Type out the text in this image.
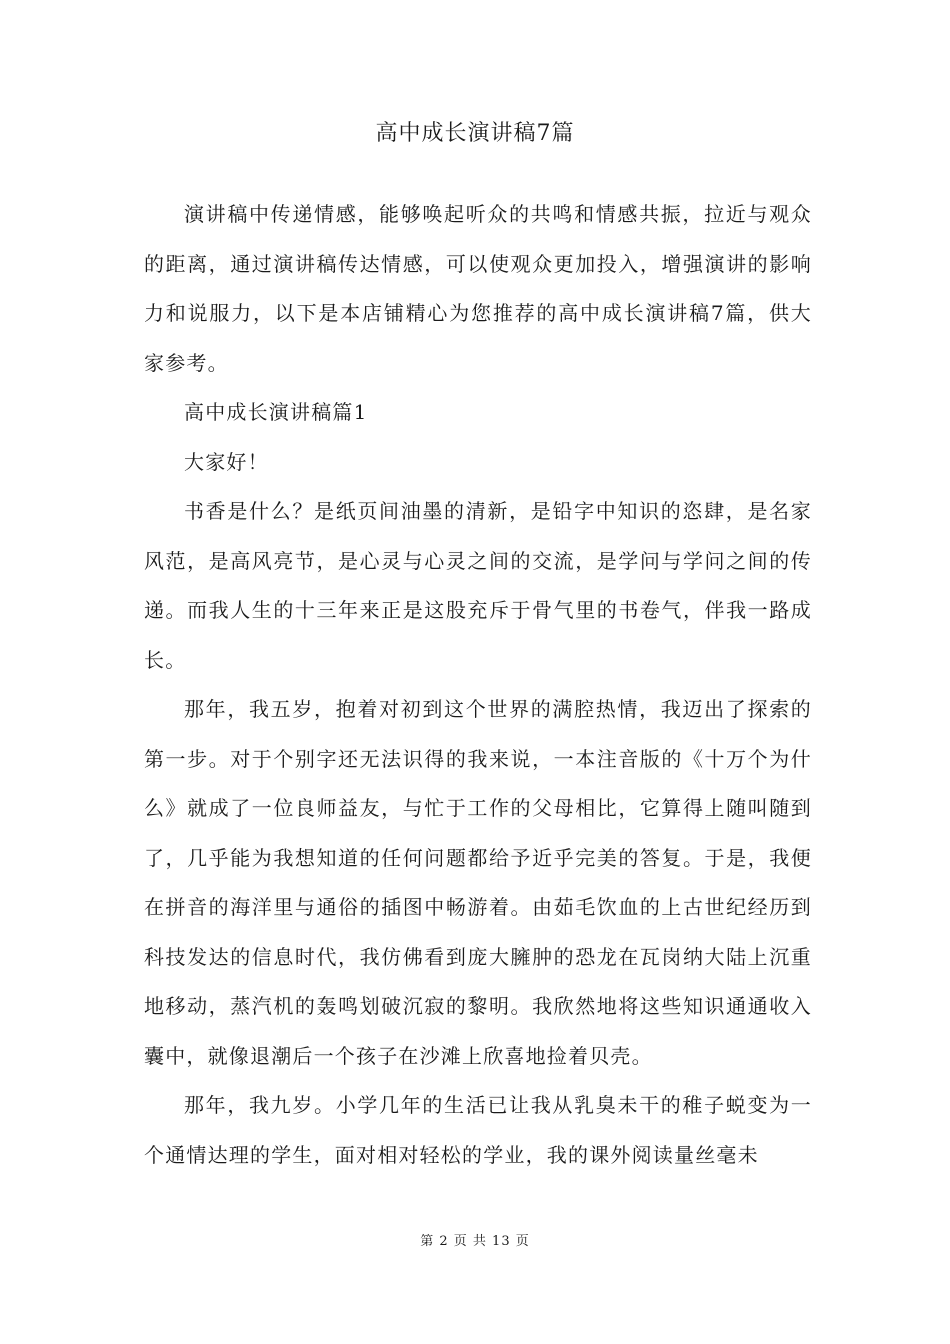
高中成长演讲稿7篇

演讲稿中传递情感，能够唤起听众的共鸣和情感共振，拉近与观众的距离，通过演讲稿传达情感，可以使观众更加投入，增强演讲的影响力和说服力，以下是本店铺精心为您推荐的高中成长演讲稿7篇，供大家参考。

高中成长演讲稿篇1

大家好！

书香是什么？是纸页间油墨的清新，是铅字中知识的恣肆，是名家风范，是高风亮节，是心灵与心灵之间的交流，是学问与学问之间的传递。而我人生的十三年来正是这股充斥于骨气里的书卷气，伴我一路成长。

那年，我五岁，抱着对初到这个世界的满腔热情，我迈出了探索的第一步。对于个别字还无法识得的我来说，一本注音版的《十万个为什么》就成了一位良师益友，与忙于工作的父母相比，它算得上随叫随到了，几乎能为我想知道的任何问题都给予近乎完美的答复。于是，我便在拼音的海洋里与通俗的插图中畅游着。由茹毛饮血的上古世纪经历到科技发达的信息时代，我仿佛看到庞大臃肿的恐龙在瓦岗纳大陆上沉重地移动，蒸汽机的轰鸣划破沉寂的黎明。我欣然地将这些知识通通收入囊中，就像退潮后一个孩子在沙滩上欣喜地捡着贝壳。

那年，我九岁。小学几年的生活已让我从乳臭未干的稚子蜕变为一个通情达理的学生，面对相对轻松的学业，我的课外阅读量丝毫未

第 2 页 共 13 页
